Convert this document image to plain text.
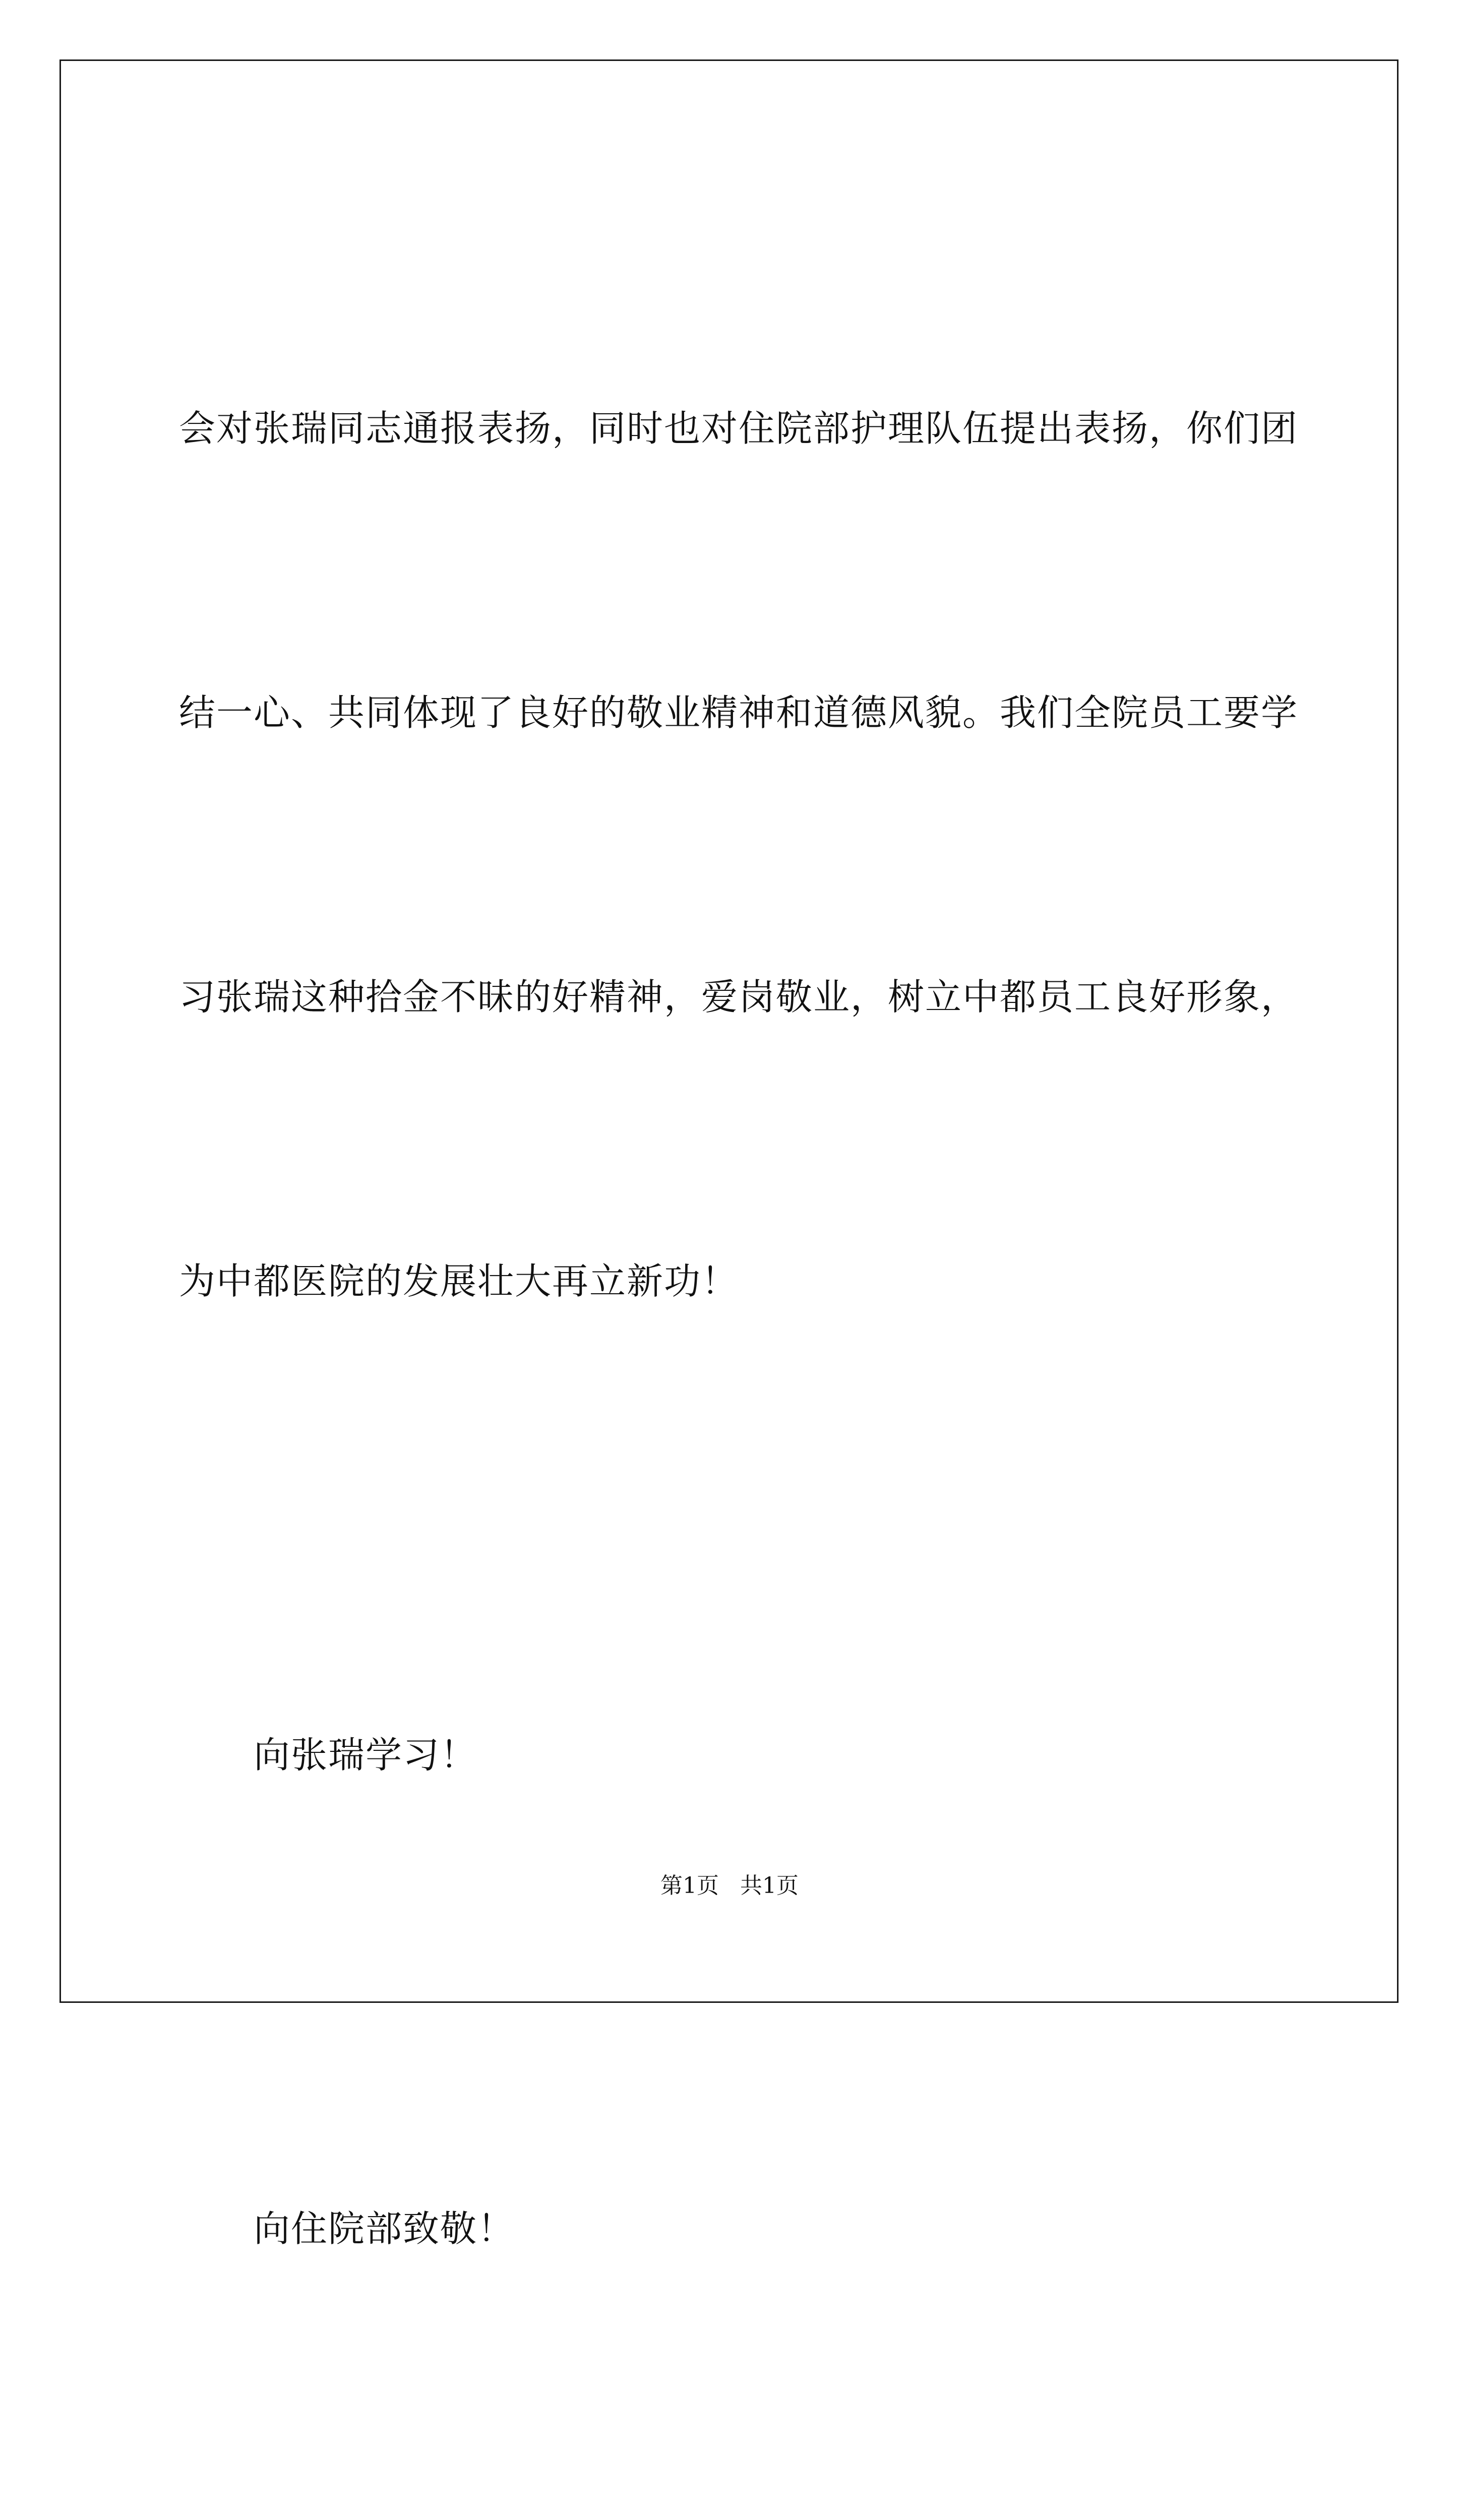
会对张瑞同志通报表扬，同时也对住院部护理队伍提出表扬，你们团

结一心、共同体现了良好的敬业精神和道德风貌。我们全院员工要学

习张瑞这种拾金不昧的好精神，爱岗敬业，树立中都员工良好形象，

为中都医院的发展壮大再立新功！

向张瑞学习！

向住院部致敬！

第1页 共1页
